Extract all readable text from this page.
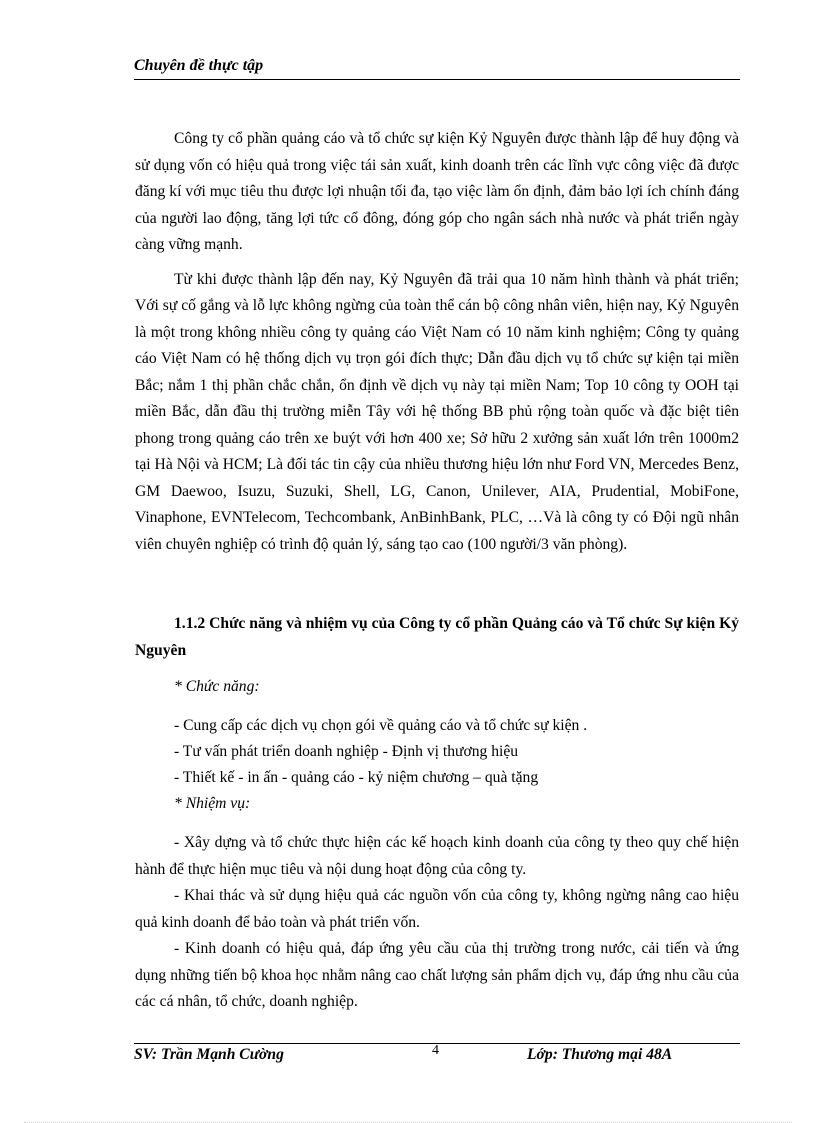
Chuyên đề thực tập

Công ty cổ phần quảng cáo và tổ chức sự kiện Kỷ Nguyên được thành lập để huy động và sử dụng vốn có hiệu quả trong việc tái sản xuất, kinh doanh trên các lĩnh vực công việc đã được đăng kí với mục tiêu thu được lợi nhuận tối đa, tạo việc làm ổn định, đảm bảo lợi ích chính đáng của người lao động, tăng lợi tức cổ đông, đóng góp cho ngân sách nhà nước và phát triển ngày càng vững mạnh.

Từ khi được thành lập đến nay, Kỷ Nguyên đã trải qua 10 năm hình thành và phát triển; Với sự cố gắng và lỗ lực không ngừng của toàn thể cán bộ công nhân viên, hiện nay, Kỷ Nguyên là một trong không nhiều công ty quảng cáo Việt Nam có 10 năm kinh nghiệm; Công ty quảng cáo Việt Nam có hệ thống dịch vụ trọn gói đích thực; Dẫn đầu dịch vụ tổ chức sự kiện tại miền Bắc; nắm 1 thị phần chắc chắn, ổn định về dịch vụ này tại miền Nam; Top 10 công ty OOH tại miền Bắc, dẫn đầu thị trường miễn Tây với hệ thống BB phủ rộng toàn quốc và đặc biệt tiên phong trong quảng cáo trên xe buýt với hơn 400 xe; Sở hữu 2 xưởng sản xuất lớn trên 1000m2 tại Hà Nội và HCM; Là đối tác tin cậy của nhiều thương hiệu lớn như Ford VN, Mercedes Benz, GM Daewoo, Isuzu, Suzuki, Shell, LG, Canon, Unilever, AIA, Prudential, MobiFone, Vinaphone, EVNTelecom, Techcombank, AnBinhBank, PLC, …Và là công ty có Đội ngũ nhân viên chuyên nghiệp có trình độ quản lý, sáng tạo cao (100 người/3 văn phòng).

1.1.2 Chức năng và nhiệm vụ của Công ty cổ phần Quảng cáo và Tổ chức Sự kiện Kỷ Nguyên
* Chức năng:
- Cung cấp các dịch vụ chọn gói về quảng cáo và tổ chức sự kiện .
- Tư vấn phát triển doanh nghiệp - Định vị thương hiệu
- Thiết kế - in ấn - quảng cáo - kỷ niệm chương – quà tặng
* Nhiệm vụ:

- Xây dựng và tổ chức thực hiện các kế hoạch kinh doanh của công ty theo quy chế hiện hành để thực hiện mục tiêu và nội dung hoạt động của công ty.

- Khai thác và sử dụng hiệu quả các nguồn vốn của công ty, không ngừng nâng cao hiệu quả kinh doanh để bảo toàn và phát triển vốn.

- Kinh doanh có hiệu quả, đáp ứng yêu cầu của thị trường trong nước, cải tiến và ứng dụng những tiến bộ khoa học nhằm nâng cao chất lượng sản phẩm dịch vụ, đáp ứng nhu cầu của các cá nhân, tổ chức, doanh nghiệp.

SV: Trần Mạnh Cường	4	Lớp: Thương mại 48A
